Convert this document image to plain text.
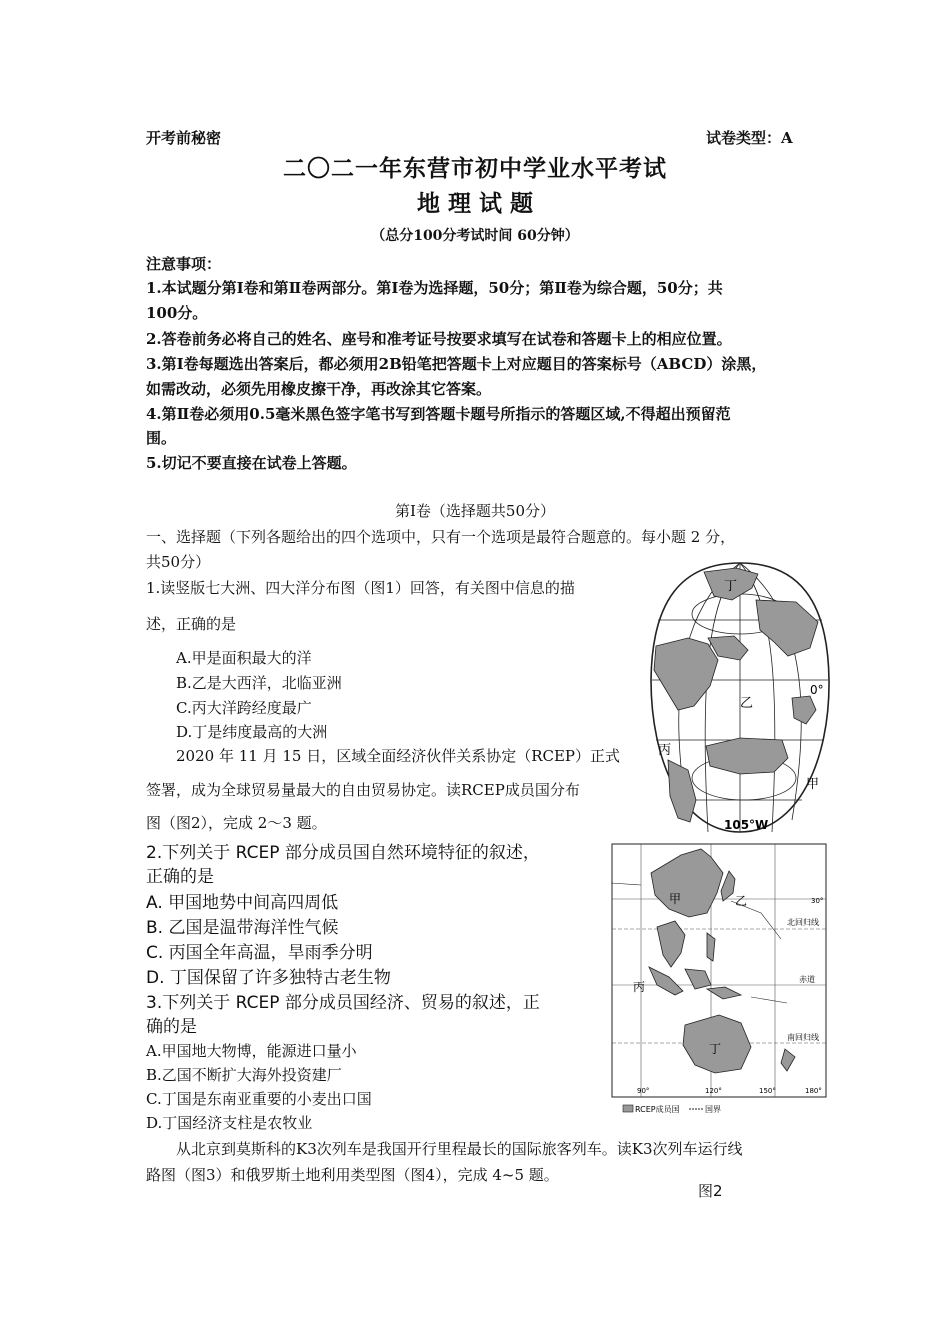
开考前秘密	试卷类型：A
二〇二一年东营市初中学业水平考试
地 理 试 题
（总分100分考试时间 60分钟）
注意事项：
1.本试题分第Ⅰ卷和第Ⅱ卷两部分。第Ⅰ卷为选择题，50分；第Ⅱ卷为综合题，50分；共
100分。
2.答卷前务必将自己的姓名、座号和准考证号按要求填写在试卷和答题卡上的相应位置。
3.第Ⅰ卷每题选出答案后，都必须用2B铅笔把答题卡上对应题目的答案标号（ABCD）涂黑，
如需改动，必须先用橡皮擦干净，再改涂其它答案。
4.第Ⅱ卷必须用0.5毫米黑色签字笔书写到答题卡题号所指示的答题区域,不得超出预留范
围。
5.切记不要直接在试卷上答题。
第Ⅰ卷（选择题共50分）
一、选择题（下列各题给出的四个选项中，只有一个选项是最符合题意的。每小题 2 分，
共50分）
1.读竖版七大洲、四大洋分布图（图1）回答，有关图中信息的描
述，正确的是
A.甲是面积最大的洋
B.乙是大西洋，北临亚洲
C.丙大洋跨经度最广
D.丁是纬度最高的大洲
2020 年 11 月 15 日，区域全面经济伙伴关系协定（RCEP）正式
签署，成为全球贸易量最大的自由贸易协定。读RCEP成员国分布
图（图2），完成 2～3 题。
2.下列关于 RCEP 部分成员国自然环境特征的叙述，
正确的是
A. 甲国地势中间高四周低
B. 乙国是温带海洋性气候
C. 丙国全年高温，旱雨季分明
D. 丁国保留了许多独特古老生物
3.下列关于 RCEP 部分成员国经济、贸易的叙述，正
确的是
A.甲国地大物博，能源进口量小
B.乙国不断扩大海外投资建厂
C.丁国是东南亚重要的小麦出口国
D.丁国经济支柱是农牧业
从北京到莫斯科的K3次列车是我国开行里程最长的国际旅客列车。读K3次列车运行线
路图（图3）和俄罗斯土地利用类型图（图4），完成 4~5 题。
丁
乙
丙
甲
0°
105°W
甲	乙
丙
丁
30°
北回归线
赤道
南回归线
90°	120°	150°	180°
RCEP成员国	国界
图2
